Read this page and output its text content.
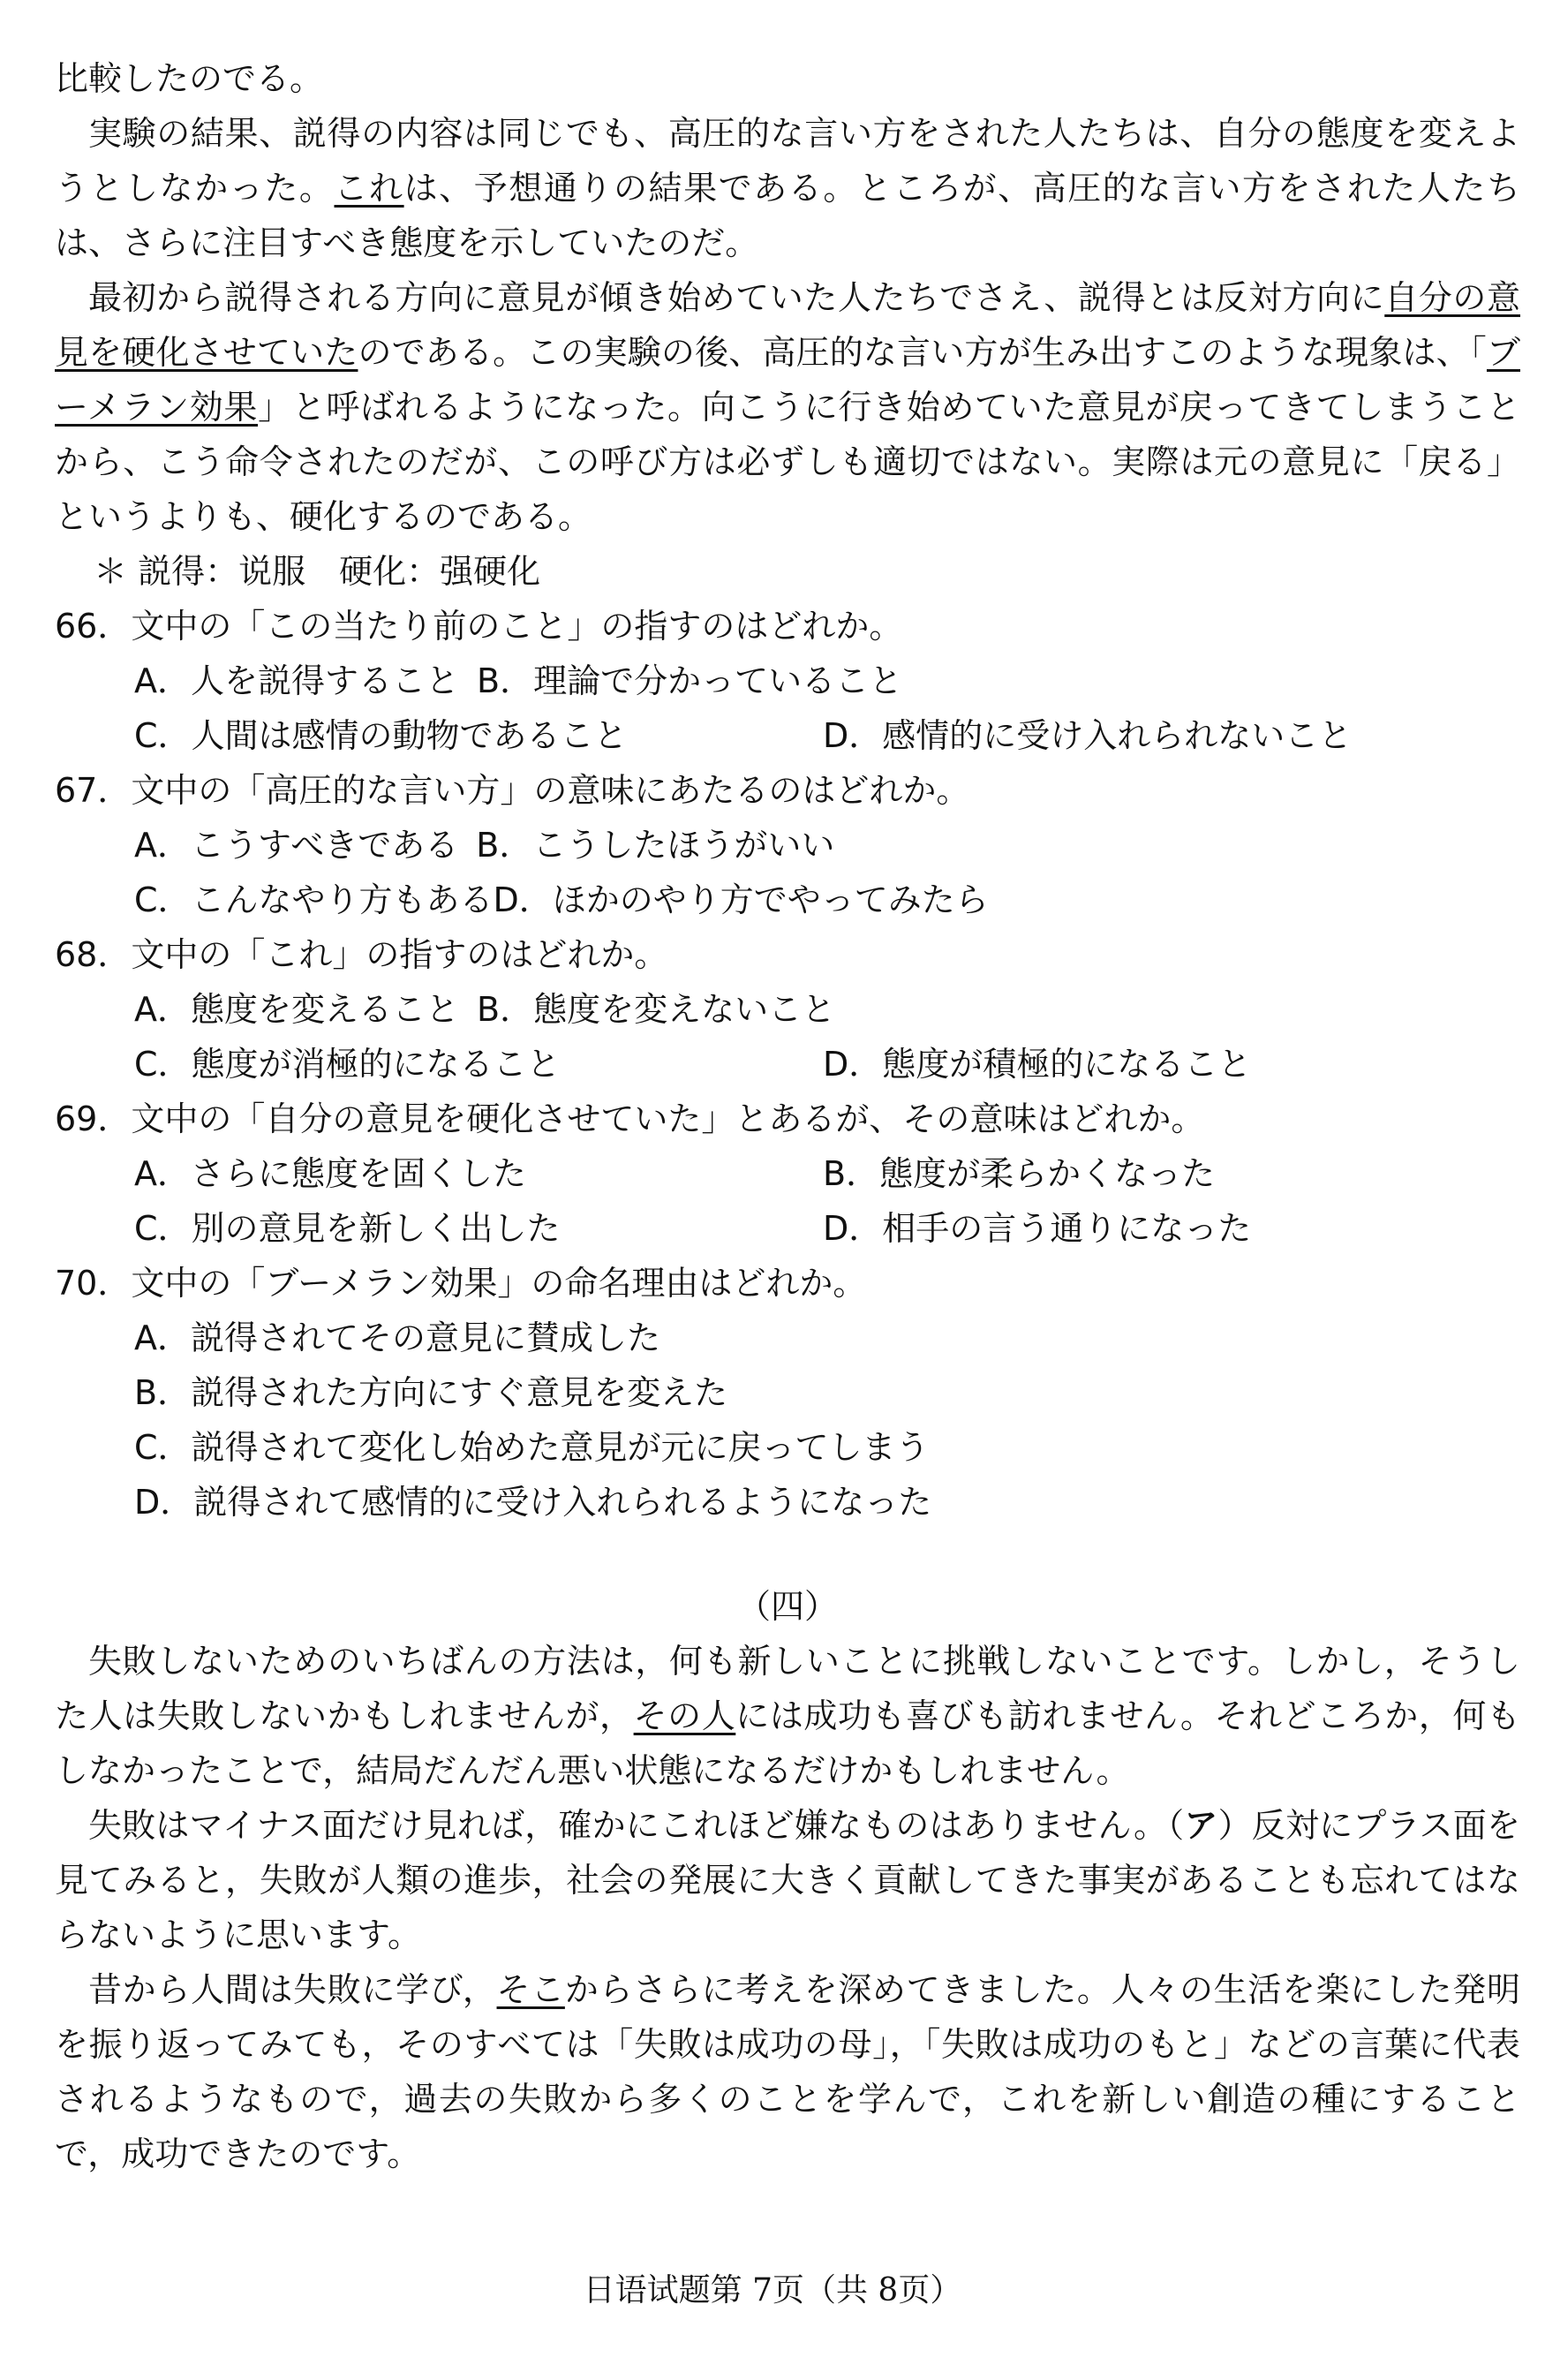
比較したのでる。

実験の結果、説得の内容は同じでも、高圧的な言い方をされた人たちは、自分の態度を変えようとしなかった。これは、予想通りの結果である。ところが、高圧的な言い方をされた人たちは、さらに注目すべき態度を示していたのだ。

最初から説得される方向に意見が傾き始めていた人たちでさえ、説得とは反対方向に自分の意見を硬化させていたのである。この実験の後、高圧的な言い方が生み出すこのような現象は、「ブーメラン効果」と呼ばれるようになった。向こうに行き始めていた意見が戻ってきてしまうことから、こう命令されたのだが、この呼び方は必ずしも適切ではない。実際は元の意見に「戻る」というよりも、硬化するのである。

＊ 説得：说服　硬化：强硬化

66．文中の「この当たり前のこと」の指すのはどれか。
A．人を説得すること B．理論で分かっていること
C．人間は感情の動物であること	D．感情的に受け入れられないこと
67．文中の「高圧的な言い方」の意味にあたるのはどれか。
A．こうすべきである B．こうしたほうがいい
C．こんなやり方もある D．ほかのやり方でやってみたら
68．文中の「これ」の指すのはどれか。
A．態度を変えること B．態度を変えないこと
C．態度が消極的になること	D．態度が積極的になること
69．文中の「自分の意見を硬化させていた」とあるが、その意味はどれか。
A．さらに態度を固くした	B．態度が柔らかくなった
C．別の意見を新しく出した	D．相手の言う通りになった
70．文中の「ブーメラン効果」の命名理由はどれか。
A．説得されてその意見に賛成した
B．説得された方向にすぐ意見を変えた
C．説得されて変化し始めた意見が元に戻ってしまう
D．説得されて感情的に受け入れられるようになった
（四）

失敗しないためのいちばんの方法は，何も新しいことに挑戦しないことです。しかし，そうした人は失敗しないかもしれませんが，その人には成功も喜びも訪れません。それどころか，何もしなかったことで，結局だんだん悪い状態になるだけかもしれません。

失敗はマイナス面だけ見れば，確かにこれほど嫌なものはありません。（ア）反対にプラス面を見てみると，失敗が人類の進歩，社会の発展に大きく貢献してきた事実があることも忘れてはならないように思います。

昔から人間は失敗に学び，そこからさらに考えを深めてきました。人々の生活を楽にした発明を振り返ってみても，そのすべては「失敗は成功の母」，「失敗は成功のもと」などの言葉に代表されるようなもので，過去の失敗から多くのことを学んで，これを新しい創造の種にすることで，成功できたのです。

日语试题第 7页（共 8页）
